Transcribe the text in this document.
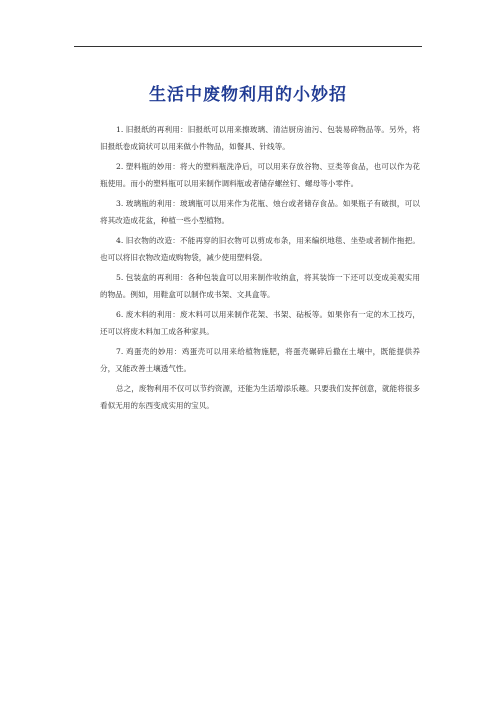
生活中废物利用的小妙招

1. 旧报纸的再利用：旧报纸可以用来擦玻璃、清洁厨房油污、包装易碎物品等。另外，将旧报纸卷成筒状可以用来做小件物品，如餐具、针线等。

2. 塑料瓶的妙用：将大的塑料瓶洗净后，可以用来存放谷物、豆类等食品，也可以作为花瓶使用。而小的塑料瓶可以用来制作调料瓶或者储存螺丝钉、螺母等小零件。

3. 玻璃瓶的利用：玻璃瓶可以用来作为花瓶、烛台或者储存食品。如果瓶子有破损，可以将其改造成花盆，种植一些小型植物。

4. 旧衣物的改造：不能再穿的旧衣物可以剪成布条，用来编织地毯、坐垫或者制作拖把。也可以将旧衣物改造成购物袋，减少使用塑料袋。

5. 包装盒的再利用：各种包装盒可以用来制作收纳盒，将其装饰一下还可以变成美观实用的物品。例如，用鞋盒可以制作成书架、文具盒等。

6. 废木料的利用：废木料可以用来制作花架、书架、砧板等。如果你有一定的木工技巧，还可以将废木料加工成各种家具。

7. 鸡蛋壳的妙用：鸡蛋壳可以用来给植物施肥，将蛋壳碾碎后撒在土壤中，既能提供养分，又能改善土壤透气性。

总之，废物利用不仅可以节约资源，还能为生活增添乐趣。只要我们发挥创意，就能将很多看似无用的东西变成实用的宝贝。
